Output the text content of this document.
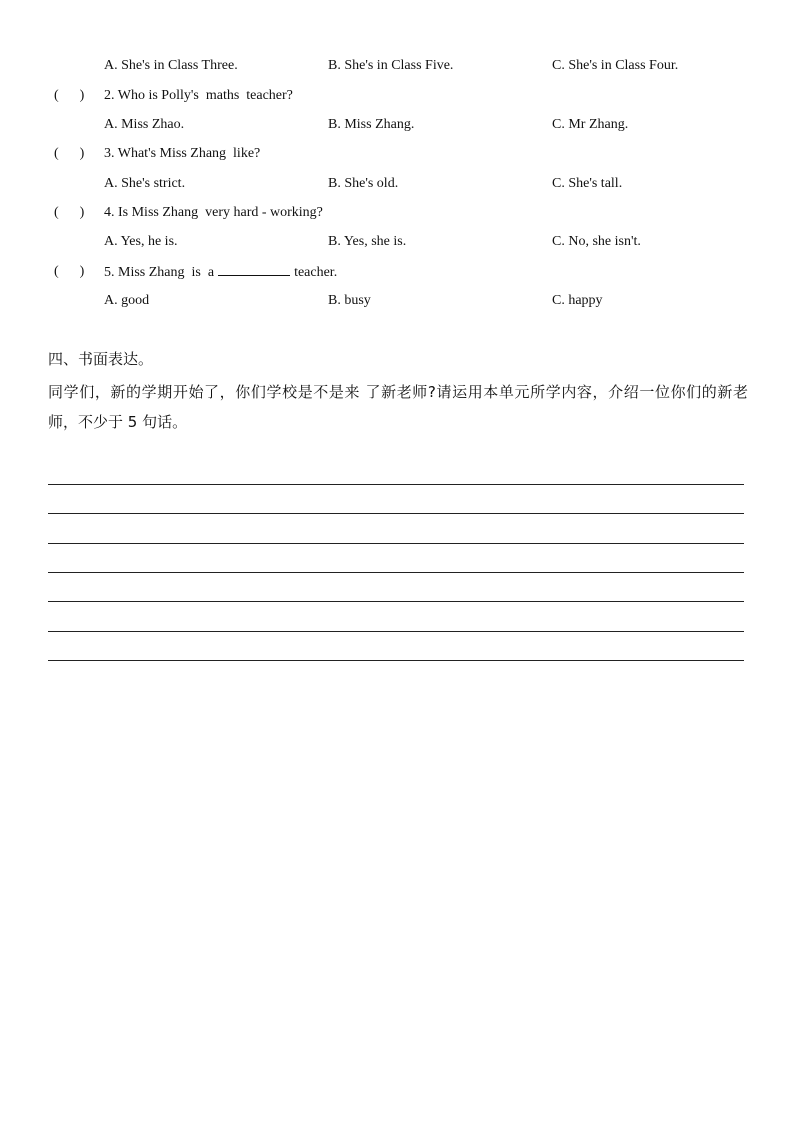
A. She's in Class Three.	B. She's in Class Five.	C. She's in Class Four.
(      ) 2. Who is Polly's  maths  teacher?
A. Miss Zhao.	B. Miss Zhang.	C. Mr Zhang.
(      ) 3. What's Miss Zhang  like?
A. She's strict.	B. She's old.	C. She's tall.
(      ) 4. Is Miss Zhang  very hard - working?
A. Yes, he is.	B. Yes, she is.	C. No, she isn't.
(      ) 5. Miss Zhang  is  a	teacher.
A. good	B. busy	C. happy
四、书面表达。
同学们，新的学期开始了，你们学校是不是来 了新老师?请运用本单元所学内容，介绍一位你们的新老师，不少于 5 句话。
